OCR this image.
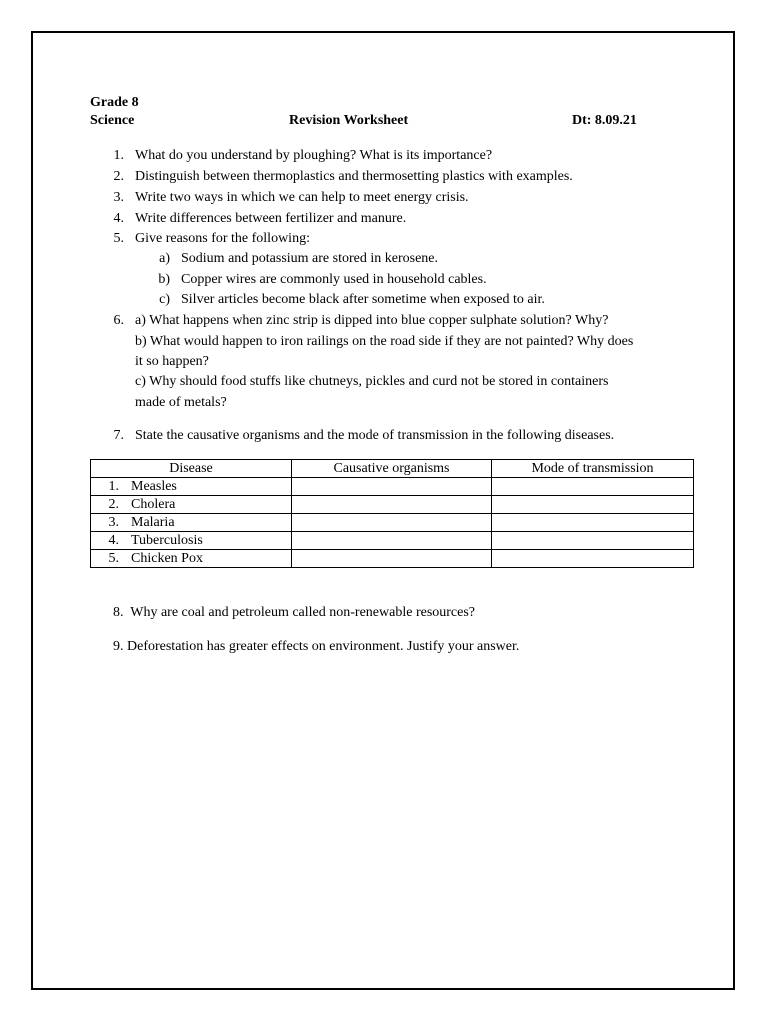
Grade 8
Science	Revision Worksheet	Dt: 8.09.21
1. What do you understand by ploughing? What is its importance?
2. Distinguish between thermoplastics and thermosetting plastics with examples.
3. Write two ways in which we can help to meet energy crisis.
4. Write differences between fertilizer and manure.
5. Give reasons for the following:
a) Sodium and potassium are stored in kerosene.
b) Copper wires are commonly used in household cables.
c) Silver articles become black after sometime when exposed to air.
6. a) What happens when zinc strip is dipped into blue copper sulphate solution? Why?
b) What would happen to iron railings on the road side if they are not painted? Why does
it so happen?
c) Why should food stuffs like chutneys, pickles and curd not be stored in containers
made of metals?
7. State the causative organisms and the mode of transmission in the following diseases.
Disease	Causative organisms	Mode of transmission
1. Measles		
2. Cholera		
3. Malaria		
4. Tuberculosis		
5. Chicken Pox		
8.  Why are coal and petroleum called non-renewable resources?
9. Deforestation has greater effects on environment. Justify your answer.
